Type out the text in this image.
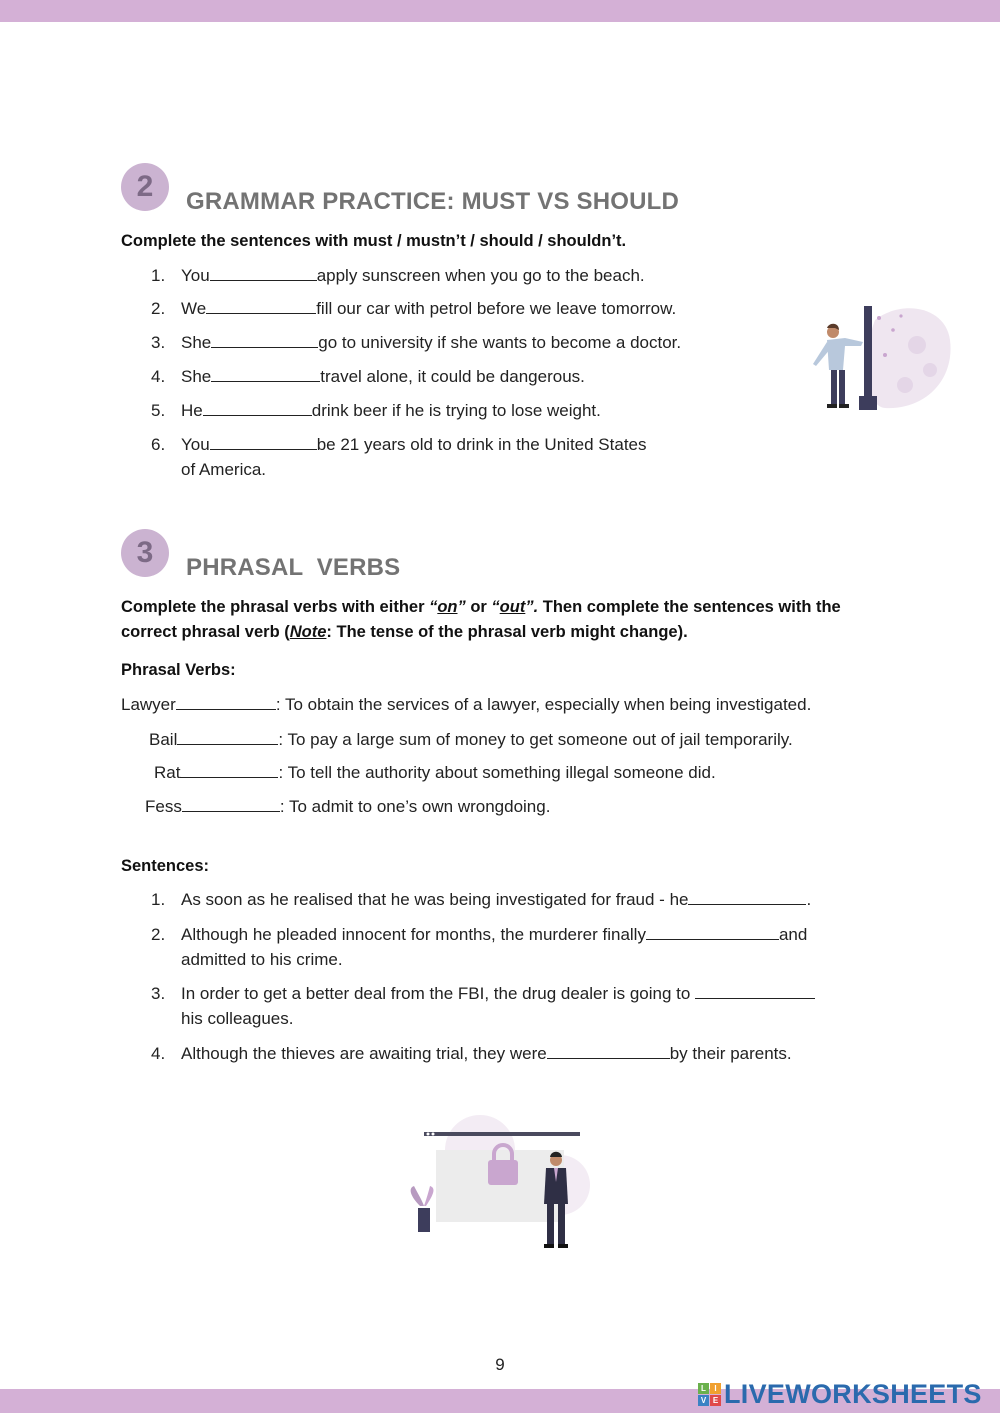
2 GRAMMAR PRACTICE: MUST VS SHOULD
Complete the sentences with must / mustn’t / should / shouldn’t.
1. You	apply sunscreen when you go to the beach.
2. We	fill our car with petrol before we leave tomorrow.
3. She	go to university if she wants to become a doctor.
4. She	travel alone, it could be dangerous.
5. He	drink beer if he is trying to lose weight.
6. You	be 21 years old to drink in the United States
of America.
3 PHRASAL  VERBS
Complete the phrasal verbs with either “on” or “out”. Then complete the sentences with the correct phrasal verb (Note: The tense of the phrasal verb might change).
Phrasal Verbs:
Lawyer	: To obtain the services of a lawyer, especially when being investigated.
Bail	: To pay a large sum of money to get someone out of jail temporarily.
Rat	: To tell the authority about something illegal someone did.
Fess	: To admit to one’s own wrongdoing.
Sentences:
1. As soon as he realised that he was being investigated for fraud - he	.
2. Although he pleaded innocent for months, the murderer finally	and
admitted to his crime.
3. In order to get a better deal from the FBI, the drug dealer is going to
his colleagues.
4. Although the thieves are awaiting trial, they were	by their parents.
9
L	I
V E LIVEWORKSHEETS
